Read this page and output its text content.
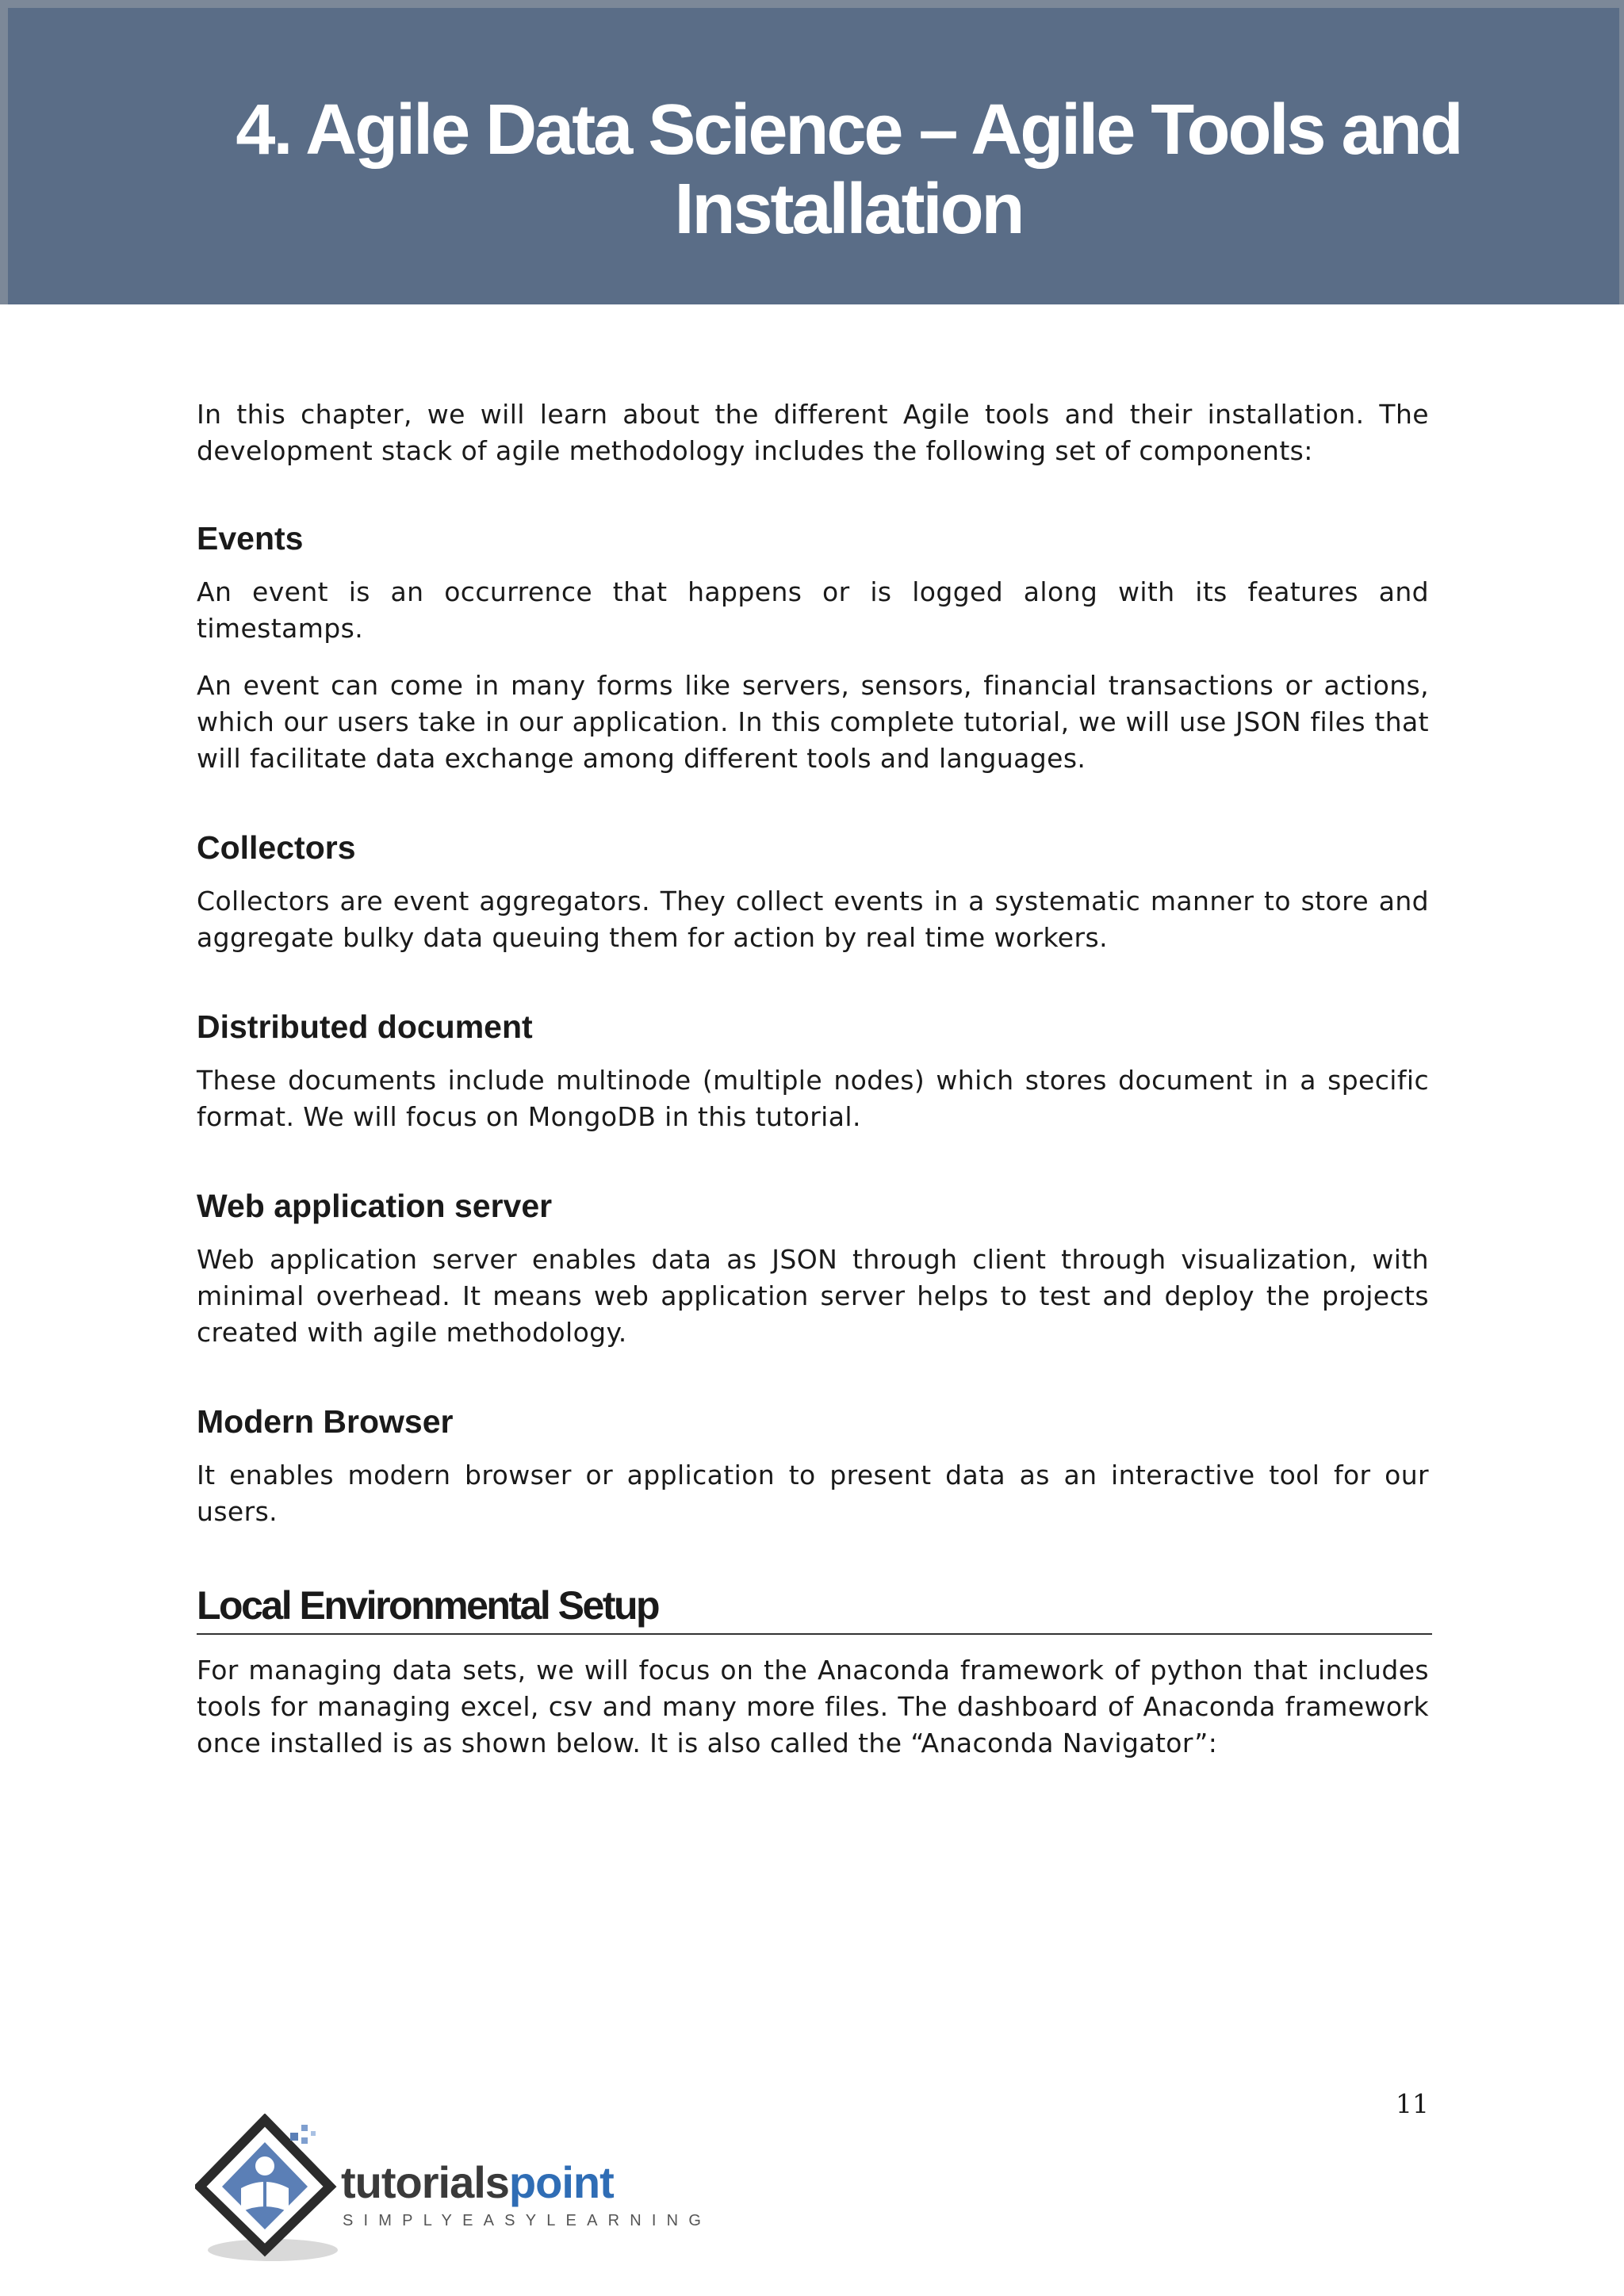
4. Agile Data Science – Agile Tools and
Installation

In this chapter, we will learn about the different Agile tools and their installation. The development stack of agile methodology includes the following set of components:

Events

An event is an occurrence that happens or is logged along with its features and timestamps.

An event can come in many forms like servers, sensors, financial transactions or actions, which our users take in our application. In this complete tutorial, we will use JSON files that will facilitate data exchange among different tools and languages.

Collectors

Collectors are event aggregators. They collect events in a systematic manner to store and aggregate bulky data queuing them for action by real time workers.

Distributed document

These documents include multinode (multiple nodes) which stores document in a specific format. We will focus on MongoDB in this tutorial.

Web application server

Web application server enables data as JSON through client through visualization, with minimal overhead. It means web application server helps to test and deploy the projects created with agile methodology.

Modern Browser

It enables modern browser or application to present data as an interactive tool for our users.

Local Environmental Setup

For managing data sets, we will focus on the Anaconda framework of python that includes tools for managing excel, csv and many more files. The dashboard of Anaconda framework once installed is as shown below. It is also called the “Anaconda Navigator”:

11
tutorialspoint
SIMPLYEASYLEARNING
